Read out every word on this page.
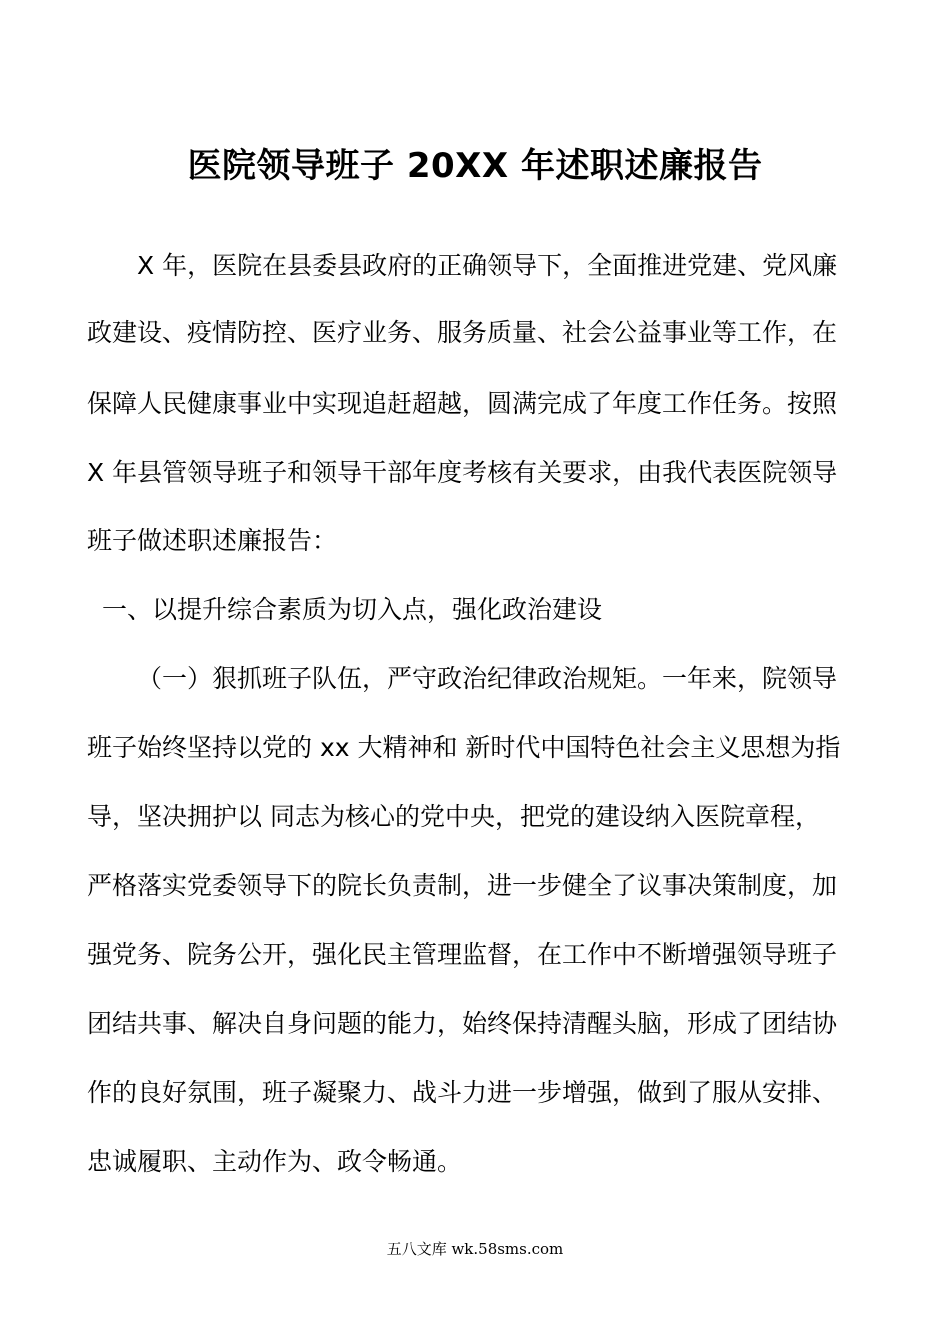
医院领导班子 20XX 年述职述廉报告
X 年，医院在县委县政府的正确领导下，全面推进党建、党风廉
政建设、疫情防控、医疗业务、服务质量、社会公益事业等工作，在
保障人民健康事业中实现追赶超越，圆满完成了年度工作任务。按照
X 年县管领导班子和领导干部年度考核有关要求，由我代表医院领导
班子做述职述廉报告：
一、以提升综合素质为切入点，强化政治建设
（一）狠抓班子队伍，严守政治纪律政治规矩。一年来，院领导
班子始终坚持以党的 xx 大精神和 新时代中国特色社会主义思想为指
导，坚决拥护以 同志为核心的党中央，把党的建设纳入医院章程，
严格落实党委领导下的院长负责制，进一步健全了议事决策制度，加
强党务、院务公开，强化民主管理监督，在工作中不断增强领导班子
团结共事、解决自身问题的能力，始终保持清醒头脑，形成了团结协
作的良好氛围，班子凝聚力、战斗力进一步增强，做到了服从安排、
忠诚履职、主动作为、政令畅通。
五八文库 wk.58sms.com
